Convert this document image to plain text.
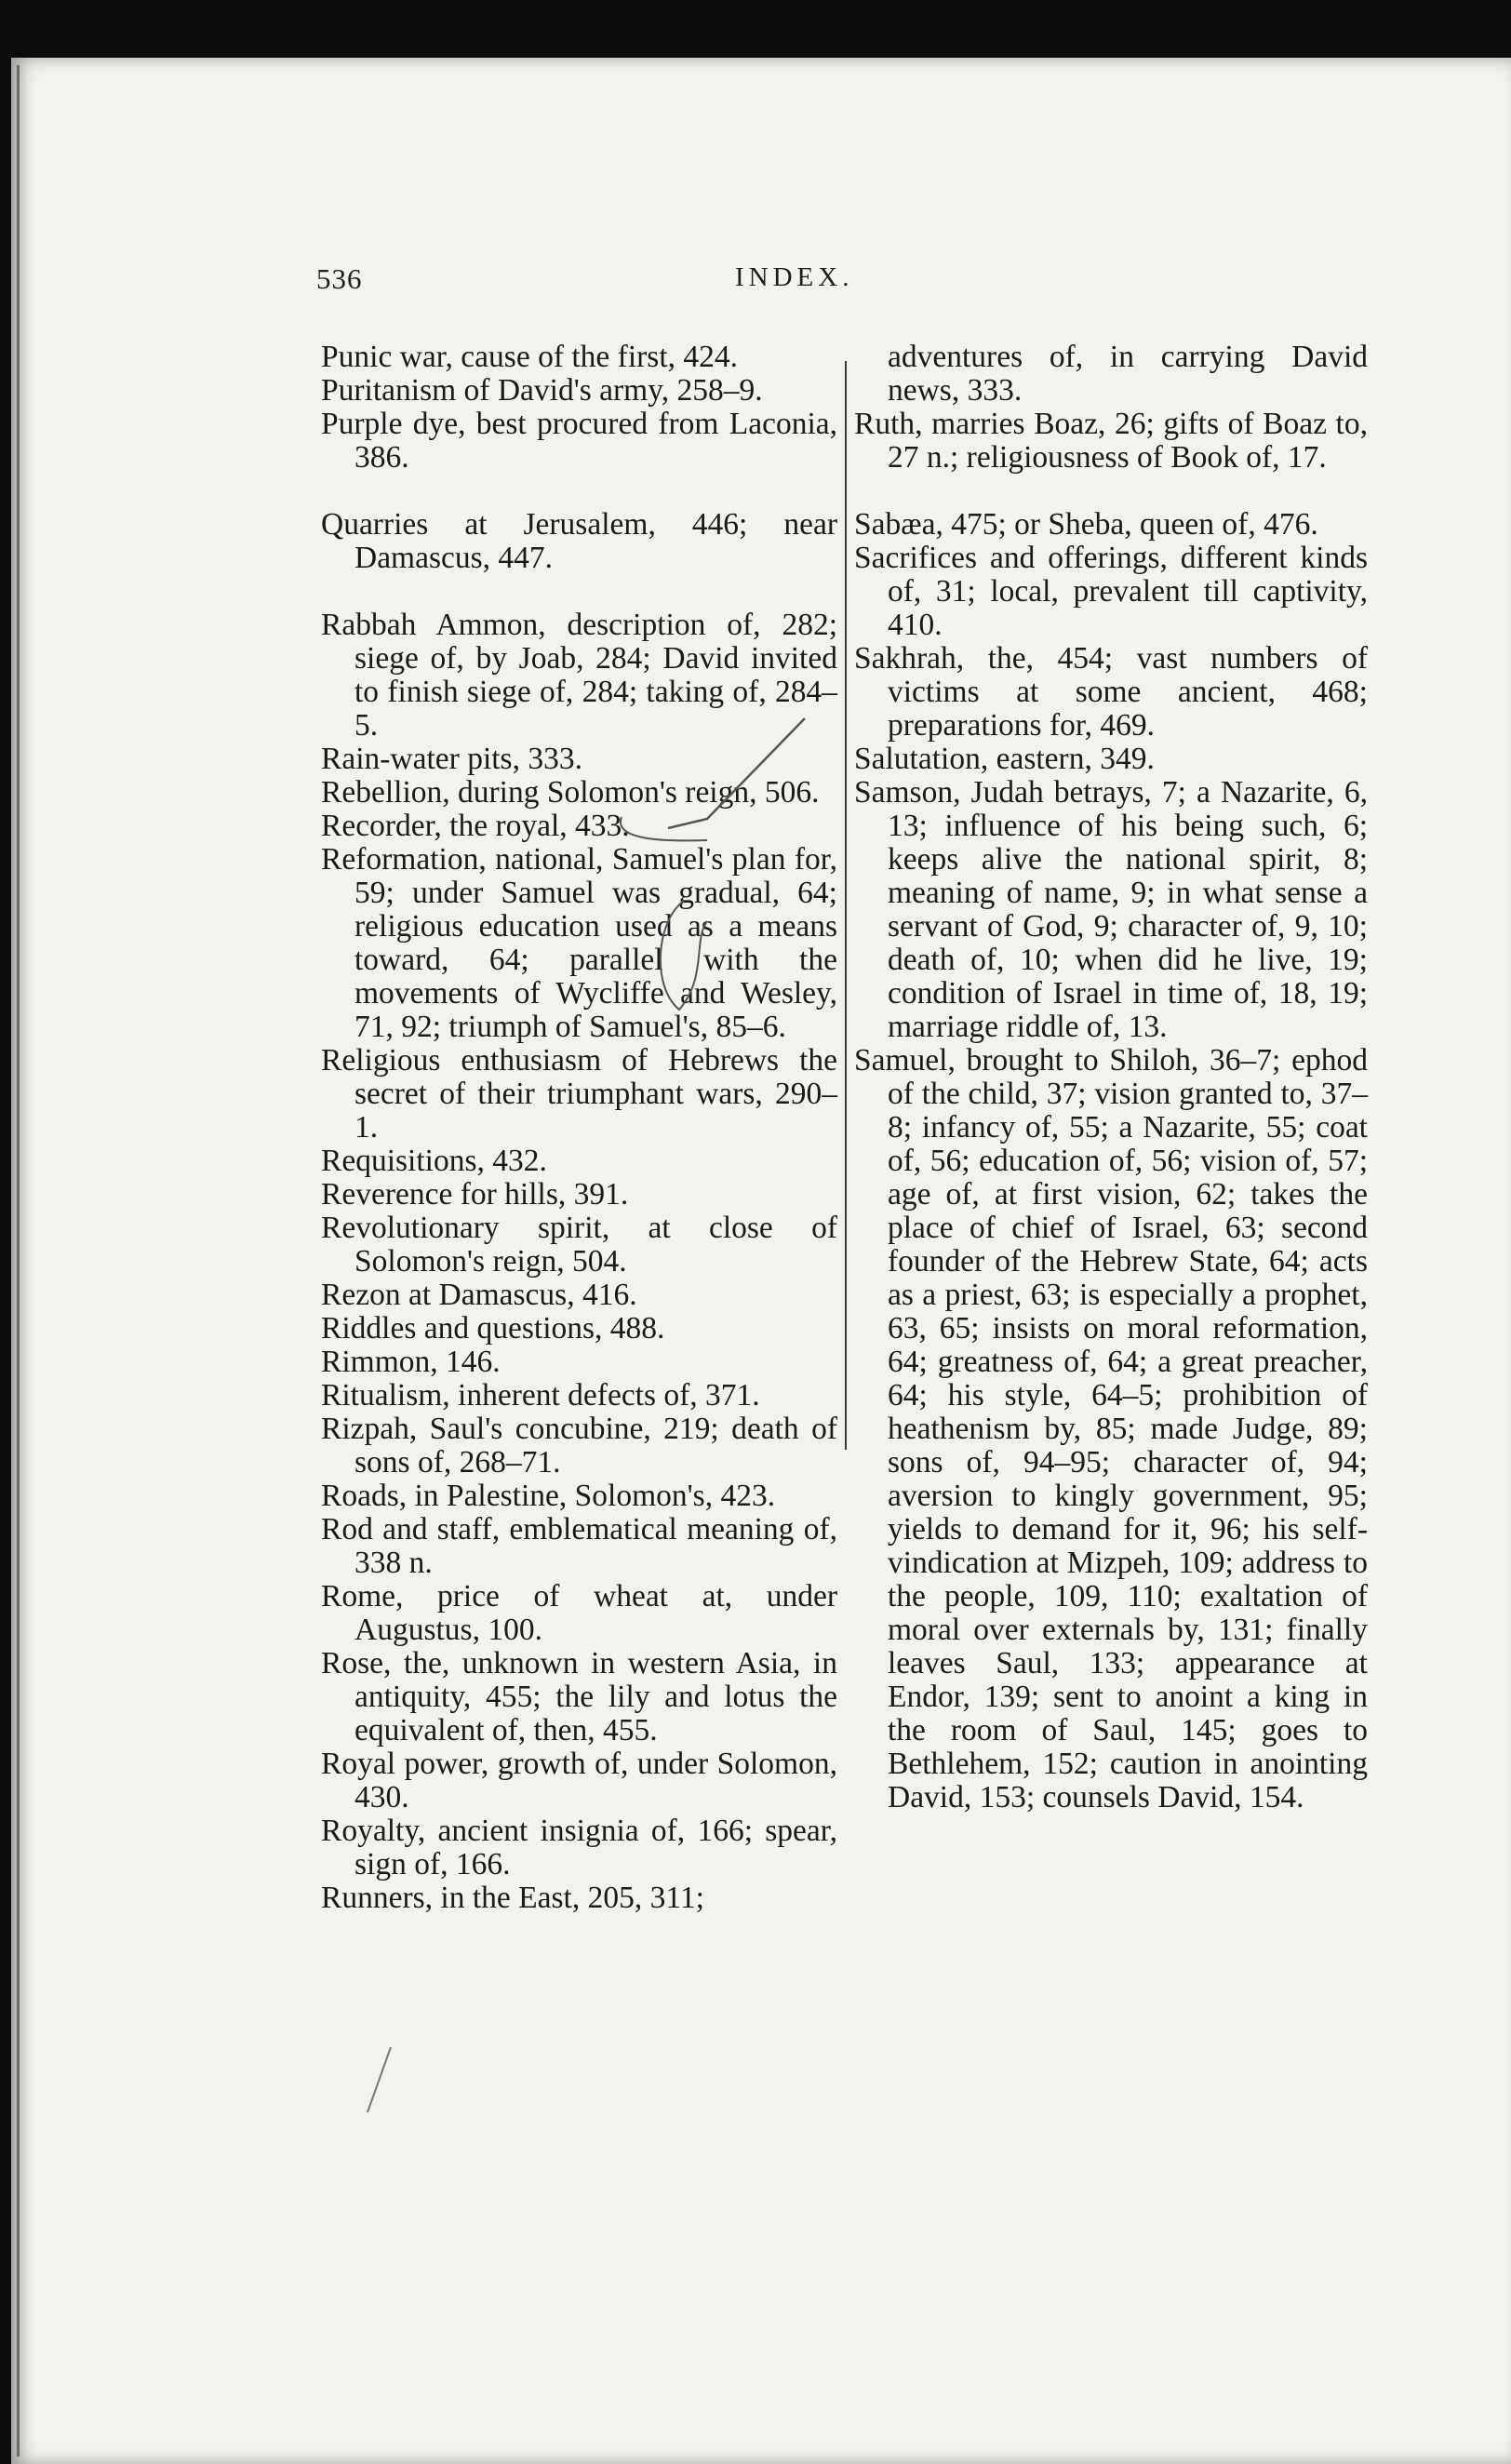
536	INDEX.

Punic war, cause of the first, 424.

Puritanism of David's army, 258–9.

Purple dye, best procured from Laconia, 386.

Quarries at Jerusalem, 446; near Damascus, 447.

Rabbah Ammon, description of, 282; siege of, by Joab, 284; David invited to finish siege of, 284; taking of, 284–5.

Rain-water pits, 333.

Rebellion, during Solomon's reign, 506.

Recorder, the royal, 433.

Reformation, national, Samuel's plan for, 59; under Samuel was gradual, 64; religious education used as a means toward, 64; parallel with the movements of Wycliffe and Wesley, 71, 92; triumph of Samuel's, 85–6.

Religious enthusiasm of Hebrews the secret of their triumphant wars, 290–1.

Requisitions, 432.

Reverence for hills, 391.

Revolutionary spirit, at close of Solomon's reign, 504.

Rezon at Damascus, 416.

Riddles and questions, 488.

Rimmon, 146.

Ritualism, inherent defects of, 371.

Rizpah, Saul's concubine, 219; death of sons of, 268–71.

Roads, in Palestine, Solomon's, 423.

Rod and staff, emblematical meaning of, 338 n.

Rome, price of wheat at, under Augustus, 100.

Rose, the, unknown in western Asia, in antiquity, 455; the lily and lotus the equivalent of, then, 455.

Royal power, growth of, under Solomon, 430.

Royalty, ancient insignia of, 166; spear, sign of, 166.

Runners, in the East, 205, 311;

adventures of, in carrying David news, 333.

Ruth, marries Boaz, 26; gifts of Boaz to, 27 n.; religiousness of Book of, 17.

Sabæa, 475; or Sheba, queen of, 476.

Sacrifices and offerings, different kinds of, 31; local, prevalent till captivity, 410.

Sakhrah, the, 454; vast numbers of victims at some ancient, 468; preparations for, 469.

Salutation, eastern, 349.

Samson, Judah betrays, 7; a Nazarite, 6, 13; influence of his being such, 6; keeps alive the national spirit, 8; meaning of name, 9; in what sense a servant of God, 9; character of, 9, 10; death of, 10; when did he live, 19; condition of Israel in time of, 18, 19; marriage riddle of, 13.

Samuel, brought to Shiloh, 36–7; ephod of the child, 37; vision granted to, 37–8; infancy of, 55; a Nazarite, 55; coat of, 56; education of, 56; vision of, 57; age of, at first vision, 62; takes the place of chief of Israel, 63; second founder of the Hebrew State, 64; acts as a priest, 63; is especially a prophet, 63, 65; insists on moral reformation, 64; greatness of, 64; a great preacher, 64; his style, 64–5; prohibition of heathenism by, 85; made Judge, 89; sons of, 94–95; character of, 94; aversion to kingly government, 95; yields to demand for it, 96; his self-vindication at Mizpeh, 109; address to the people, 109, 110; exaltation of moral over externals by, 131; finally leaves Saul, 133; appearance at Endor, 139; sent to anoint a king in the room of Saul, 145; goes to Bethlehem, 152; caution in anointing David, 153; counsels David, 154.
